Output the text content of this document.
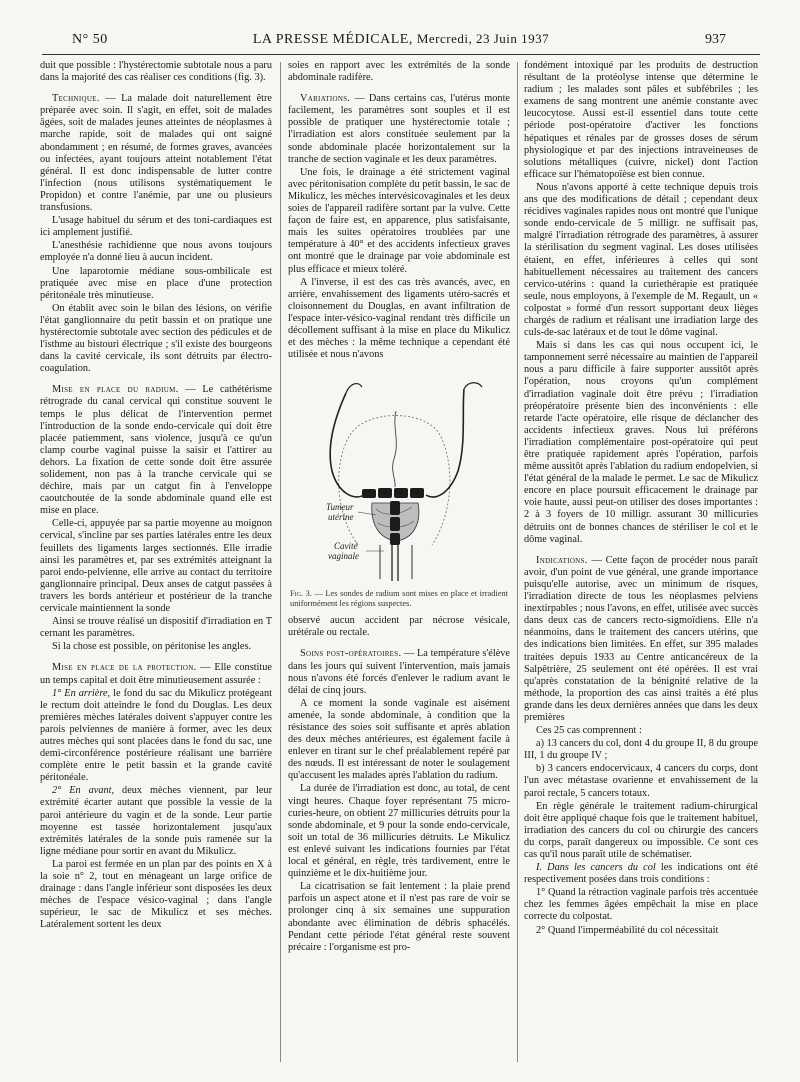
N° 50	LA PRESSE MÉDICALE, Mercredi, 23 Juin 1937	937

duit que possible : l'hystérectomie subtotale nous a paru dans la majorité des cas réaliser ces conditions (fig. 3).

Technique. — La malade doit naturellement être préparée avec soin. Il s'agit, en effet, soit de malades âgées, soit de malades jeunes atteintes de néoplasmes à marche rapide, soit de malades qui ont saigné abondamment ; en résumé, de formes graves, avancées ou infectées, ayant toujours atteint notablement l'état général. Il est donc indispensable de lutter contre l'infection (nous utilisons systématiquement le Propidon) et contre l'anémie, par une ou plusieurs transfusions.

L'usage habituel du sérum et des toni-cardiaques est ici amplement justifié.

L'anesthésie rachidienne que nous avons toujours employée n'a donné lieu à aucun incident.

Une laparotomie médiane sous-ombilicale est pratiquée avec mise en place d'une protection péritonéale très minutieuse.

On établit avec soin le bilan des lésions, on vérifie l'état ganglionnaire du petit bassin et on pratique une hystérectomie subtotale avec section des pédicules et de l'isthme au bistouri électrique ; s'il existe des bourgeons dans la cavité cervicale, ils sont détruits par électro-coagulation.

Mise en place du radium. — Le cathétérisme rétrograde du canal cervical qui constitue souvent le temps le plus délicat de l'intervention permet l'introduction de la sonde endo-cervicale qui doit être placée patiemment, sans violence, jusqu'à ce qu'un clamp courbe vaginal puisse la saisir et l'attirer au dehors. La fixation de cette sonde doit être assurée solidement, non pas à la tranche cervicale qui se déchire, mais par un catgut fin à l'enveloppe caoutchoutée de la sonde abdominale quand elle est mise en place.

Celle-ci, appuyée par sa partie moyenne au moignon cervical, s'incline par ses parties latérales entre les deux feuillets des ligaments larges sectionnés. Elle irradie ainsi les paramètres et, par ses extrémités atteignant la paroi endo-pelvienne, elle arrive au contact du territoire ganglionnaire principal. Deux anses de catgut passées à travers les bords antérieur et postérieur de la tranche cervicale maintiennent la sonde

Ainsi se trouve réalisé un dispositif d'irradiation en T cernant les paramètres.

Si la chose est possible, on péritonise les angles.

Mise en place de la protection. — Elle constitue un temps capital et doit être minutieusement assurée :

1° En arrière, le fond du sac du Mikulicz protégeant le rectum doit atteindre le fond du Douglas. Les deux premières mèches latérales doivent s'appuyer contre les parois pelviennes de manière à former, avec les deux autres mèches qui sont placées dans le fond du sac, une demi-circonférence postérieure réalisant une barrière complète entre le petit bassin et la grande cavité péritonéale.

2° En avant, deux mèches viennent, par leur extrémité écarter autant que possible la vessie de la paroi antérieure du vagin et de la sonde. Leur partie moyenne est tassée horizontalement jusqu'aux extrémités latérales de la sonde puis ramenée sur la ligne médiane pour sortir en avant du Mikulicz.

La paroi est fermée en un plan par des points en X à la soie n° 2, tout en ménageant un large orifice de drainage : dans l'angle inférieur sont disposées les deux mèches de l'espace vésico-vaginal ; dans l'angle supérieur, le sac de Mikulicz et ses mèches. Latéralement sortent les deux

soies en rapport avec les extrémités de la sonde abdominale radifère.

Variations. — Dans certains cas, l'utérus monte facilement, les paramètres sont souples et il est possible de pratiquer une hystérectomie totale ; l'irradiation est alors constituée seulement par la sonde abdominale placée horizontalement sur la tranche de section vaginale et les deux paramètres.

Une fois, le drainage a été strictement vaginal avec péritonisation complète du petit bassin, le sac de Mikulicz, les mèches intervésicovaginales et les deux soies de l'appareil radifère sortant par la vulve. Cette façon de faire est, en apparence, plus satisfaisante, mais les suites opératoires troublées par une température à 40° et des accidents infectieux graves ont montré que le drainage par voie abdominale est plus efficace et mieux toléré.

A l'inverse, il est des cas très avancés, avec, en arrière, envahissement des ligaments utéro-sacrés et cloisonnement du Douglas, en avant infiltration de l'espace inter-vésico-vaginal rendant très difficile un décollement suffisant à la mise en place du Mikulicz et des mèches : la même technique a cependant été utilisée et nous n'avons

Tumeur
utérine
Cavité
vaginale
Fig. 3. — Les sondes de radium sont mises en place et irradient uniformément les régions suspectes.

observé aucun accident par nécrose vésicale, urétérale ou rectale.

Soins post-opératoires. — La température s'élève dans les jours qui suivent l'intervention, mais jamais nous n'avons été forcés d'enlever le radium avant le délai de cinq jours.

A ce moment la sonde vaginale est aisément amenée, la sonde abdominale, à condition que la résistance des soies soit suffisante et après ablation des deux mèches antérieures, est également facile à enlever en tirant sur le chef préalablement repéré par des nœuds. Il est intéressant de noter le soulagement qu'accusent les malades après l'ablation du radium.

La durée de l'irradiation est donc, au total, de cent vingt heures. Chaque foyer représentant 75 micro-curies-heure, on obtient 27 millicuries détruits pour la sonde abdominale, et 9 pour la sonde endo-cervicale, soit un total de 36 millicuries détruits. Le Mikulicz est enlevé suivant les indications fournies par l'état local et général, en règle, très tardivement, entre le quinzième et le dix-huitième jour.

La cicatrisation se fait lentement : la plaie prend parfois un aspect atone et il n'est pas rare de voir se prolonger cinq à six semaines une suppuration abondante avec élimination de débris sphacélés. Pendant cette période l'état général reste souvent précaire : l'organisme est pro-

fondément intoxiqué par les produits de destruction résultant de la protéolyse intense que détermine le radium ; les malades sont pâles et subfébriles ; les examens de sang montrent une anémie constante avec leucocytose. Aussi est-il essentiel dans toute cette période post-opératoire d'activer les fonctions hépatiques et rénales par de grosses doses de sérum physiologique et par des injections intraveineuses de solutions métalliques (cuivre, nickel) dont l'action efficace sur l'hématopoïèse est bien connue.

Nous n'avons apporté à cette technique depuis trois ans que des modifications de détail ; cependant deux récidives vaginales rapides nous ont montré que l'unique sonde endo-cervicale de 5 milligr. ne suffisait pas, malgré l'irradiation rétrograde des paramètres, à assurer la stérilisation du segment vaginal. Les doses utilisées étaient, en effet, inférieures à celles qui sont habituellement nécessaires au traitement des cancers cervico-utérins : quand la curiethérapie est pratiquée seule, nous employons, à l'exemple de M. Regault, un « colpostat » formé d'un ressort supportant deux lièges chargés de radium et réalisant une irradiation large des culs-de-sac latéraux et de tout le dôme vaginal.

Mais si dans les cas qui nous occupent ici, le tamponnement serré nécessaire au maintien de l'appareil nous a paru difficile à faire supporter aussitôt après l'opération, nous croyons qu'un complément d'irradiation vaginale doit être prévu ; l'irradiation préopératoire présente bien des inconvénients : elle retarde l'acte opératoire, elle risque de déclancher des accidents infectieux graves. Nous lui préférons l'irradiation complémentaire post-opératoire qui peut être pratiquée rapidement après l'opération, parfois même aussitôt après l'ablation du radium endopelvien, si l'état général de la malade le permet. Le sac de Mikulicz encore en place poursuit efficacement le drainage par voie haute, aussi peut-on utiliser des doses importantes : 2 à 3 foyers de 10 milligr. assurant 30 millicuries détruits ont de bonnes chances de stériliser le col et le dôme vaginal.

Indications. — Cette façon de procéder nous paraît avoir, d'un point de vue général, une grande importance puisqu'elle autorise, avec un minimum de risques, l'irradiation directe de tous les néoplasmes pelviens inextirpables ; nous l'avons, en effet, utilisée avec succès dans deux cas de cancers recto-sigmoïdiens. Elle n'a néanmoins, dans le traitement des cancers utérins, que des indications bien limitées. En effet, sur 395 malades traitées depuis 1933 au Centre anticancéreux de la Salpêtrière, 25 seulement ont été opérées. Il est vrai qu'après constatation de la bénignité relative de la méthode, la proportion des cas ainsi traités a été plus grande dans les deux dernières années que dans les deux premières

Ces 25 cas comprennent :

a) 13 cancers du col, dont 4 du groupe II, 8 du groupe III, 1 du groupe IV ;

b) 3 cancers endocervicaux, 4 cancers du corps, dont l'un avec métastase ovarienne et envahissement de la paroi rectale, 5 cancers totaux.

En règle générale le traitement radium-chirurgical doit être appliqué chaque fois que le traitement habituel, irradiation des cancers du col ou chirurgie des cancers du corps, paraît dangereux ou impossible. Ce sont ces cas qu'il nous paraît utile de schématiser.

I. Dans les cancers du col les indications ont été respectivement posées dans trois conditions :

1° Quand la rétraction vaginale parfois très accentuée chez les femmes âgées empêchait la mise en place correcte du colpostat.

2° Quand l'imperméabilité du col nécessitait
